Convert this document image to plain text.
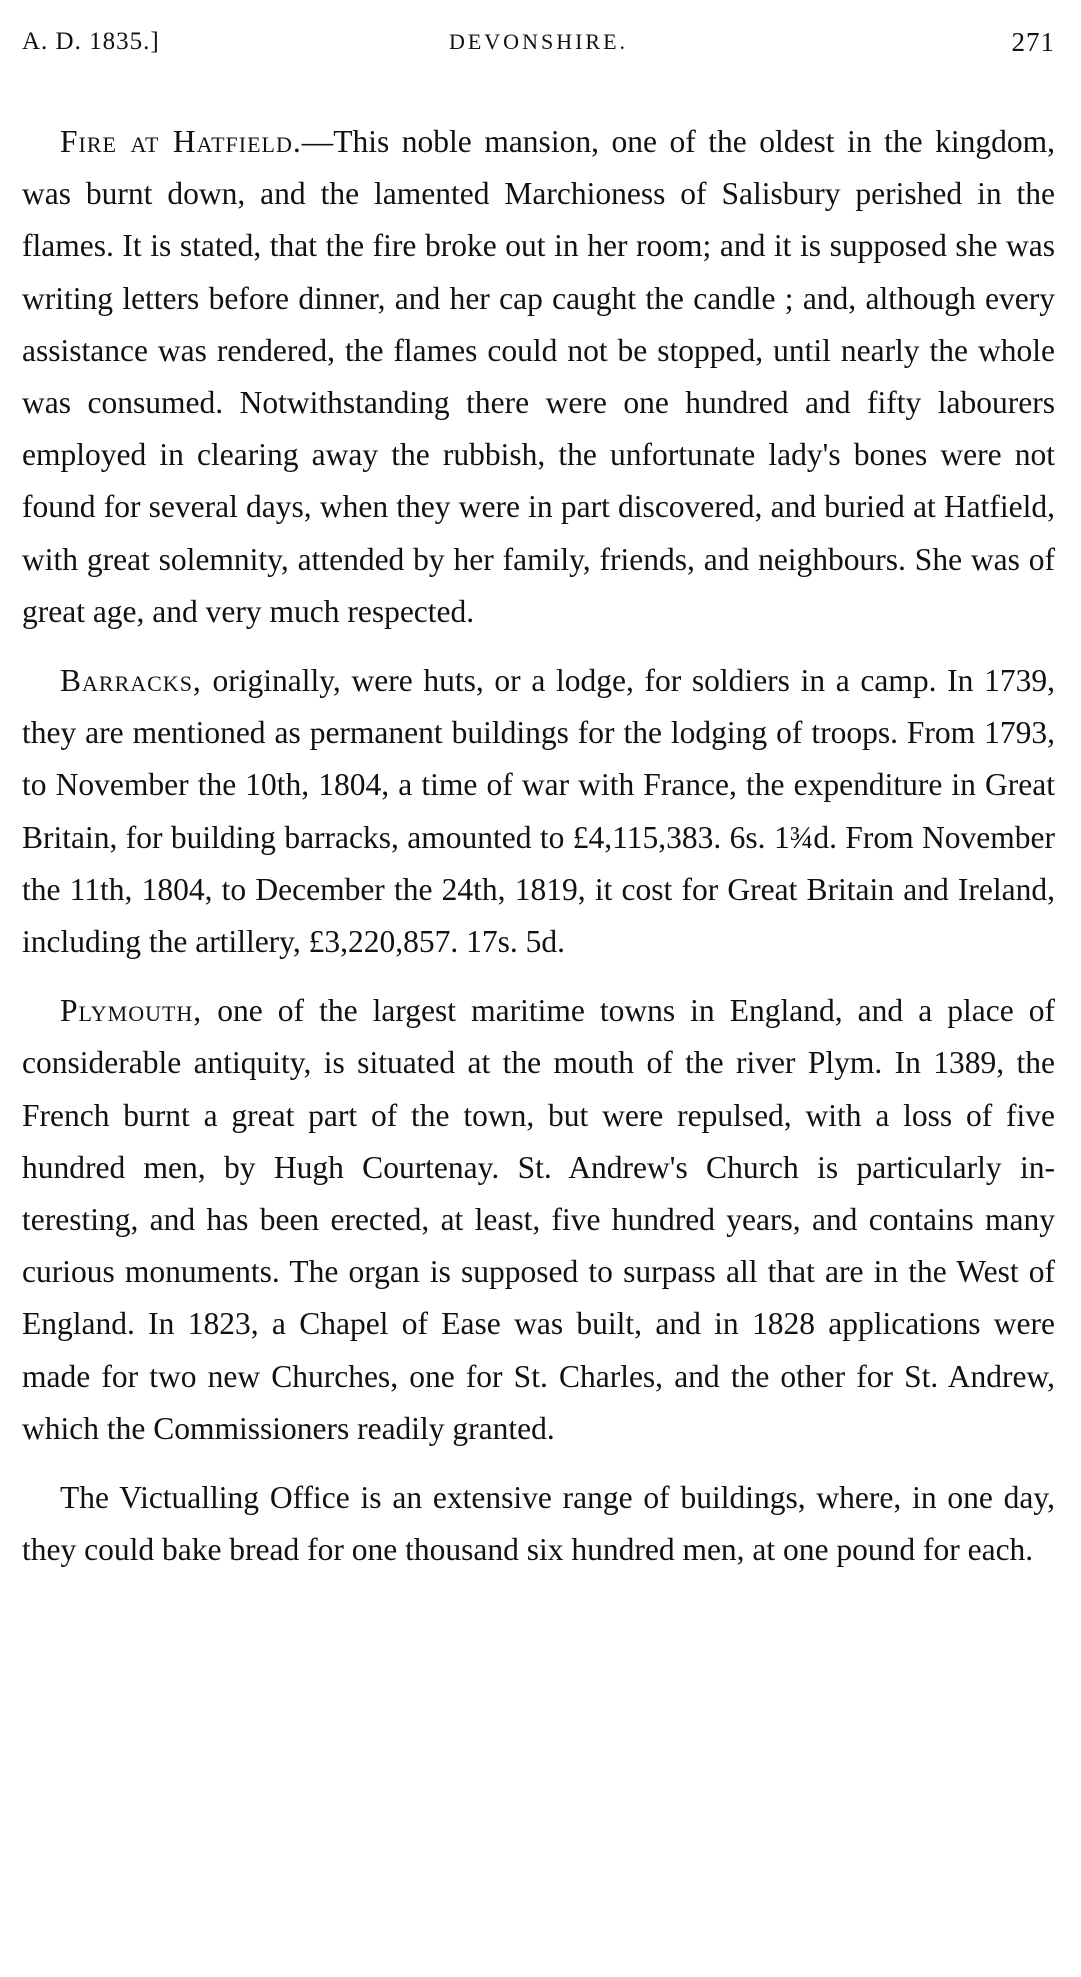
A. D. 1835.]	DEVONSHIRE.	271

Fire at Hatfield.—This noble mansion, one of the oldest in the kingdom, was burnt down, and the lamented Marchioness of Salisbury perished in the flames. It is stated, that the fire broke out in her room; and it is supposed she was writing letters before dinner, and her cap caught the candle ; and, although every assistance was rendered, the flames could not be stopped, until nearly the whole was consumed. Notwithstanding there were one hundred and fifty labourers employed in clearing away the rubbish, the unfortunate lady's bones were not found for several days, when they were in part discovered, and buried at Hatfield, with great solemnity, attended by her family, friends, and neighbours. She was of great age, and very much respected.

Barracks, originally, were huts, or a lodge, for soldiers in a camp. In 1739, they are mentioned as permanent buildings for the lodging of troops. From 1793, to November the 10th, 1804, a time of war with France, the expenditure in Great Britain, for building barracks, amounted to £4,115,383. 6s. 1¾d. From November the 11th, 1804, to December the 24th, 1819, it cost for Great Britain and Ireland, including the artillery, £3,220,857. 17s. 5d.

Plymouth, one of the largest maritime towns in England, and a place of considerable antiquity, is situated at the mouth of the river Plym. In 1389, the French burnt a great part of the town, but were repulsed, with a loss of five hundred men, by Hugh Courtenay. St. Andrew's Church is particularly interesting, and has been erected, at least, five hundred years, and contains many curious monuments. The organ is supposed to surpass all that are in the West of England. In 1823, a Chapel of Ease was built, and in 1828 applications were made for two new Churches, one for St. Charles, and the other for St. Andrew, which the Commissioners readily granted.

The Victualling Office is an extensive range of buildings, where, in one day, they could bake bread for one thousand six hundred men, at one pound for each.
